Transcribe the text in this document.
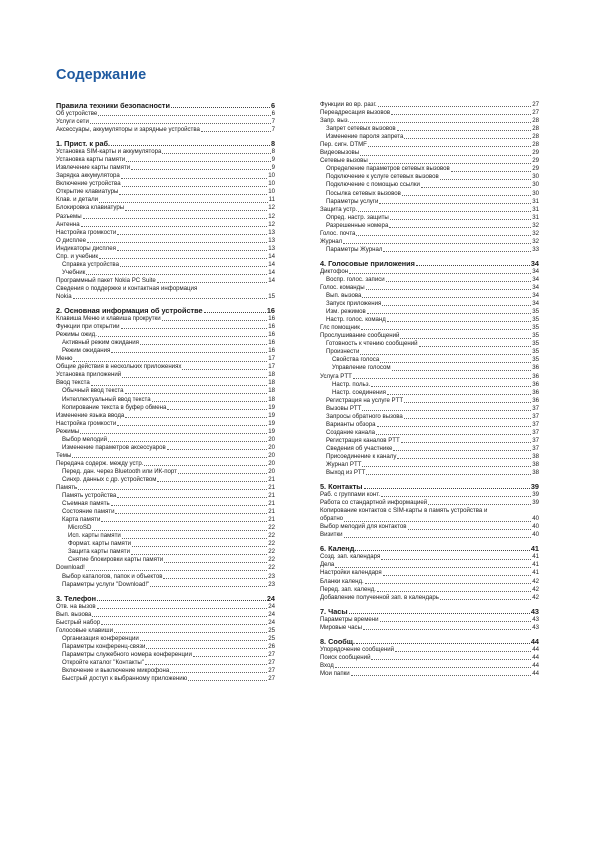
Содержание
Правила техники безопасности	6
Об устройстве	6
Услуги сети	7
Аксессуары, аккумуляторы и зарядные устройства	7
1. Прист. к раб.	8
Установка SIM-карты и аккумулятора	8
Установка карты памяти	9
Извлечение карты памяти	9
Зарядка аккумулятора	10
Включение устройства	10
Открытие клавиатуры	10
Клав. и детали	11
Блокировка клавиатуры	12
Разъемы	12
Антенна	12
Настройка громкости	13
О дисплее	13
Индикаторы дисплея	13
Спр. и учебник	14
Справка устройства	14
Учебник	14
Программный пакет Nokia PC Suite	14
Сведения о поддержке и контактная информация
Nokia	15
2. Основная информация об устройстве	16
Клавиша Меню и клавиша прокрутки	16
Функции при открытии	16
Режимы ожид.	16
Активный режим ожидания	16
Режим ожидания	16
Меню	17
Общие действия в нескольких приложениях	17
Установка приложений	18
Ввод текста	18
Обычный ввод текста	18
Интеллектуальный ввод текста	18
Копирование текста в буфер обмена	19
Изменение языка ввода	19
Настройка громкости	19
Режимы	19
Выбор мелодий	20
Изменение параметров аксессуаров	20
Темы	20
Передача содерж. между устр.	20
Перед. дан. через Bluetooth или ИК-порт	20
Синхр. данных с др. устройством	21
Память	21
Память устройства	21
Съемная память	21
Состояние памяти	21
Карта памяти	21
MicroSD	22
Исп. карты памяти	22
Формат. карты памяти	22
Защита карты памяти	22
Снятие блокировки карты памяти	22
Download!	22
Выбор каталогов, папок и объектов	23
Параметры услуги "Download!"	23
3. Телефон	24
Отв. на вызов	24
Вып. вызова	24
Быстрый набор	24
Голосовые клавиши	25
Организация конференции	25
Параметры конференц-связи	26
Параметры служебного номера конференции	27
Откройте каталог "Контакты"	27
Включение и выключение микрофона	27
Быстрый доступ к выбранному приложению	27
Функции во вр. разг.	27
Переадресация вызовов	27
Запр. выз.	28
Запрет сетевых вызовов	28
Изменение пароля запрета	28
Пер. сигн. DTMF	28
Видеовызовы	29
Сетевые вызовы	29
Определение параметров сетевых вызовов	29
Подключение к услуге сетевых вызовов	30
Подключение с помощью ссылки	30
Посылка сетевых вызовов	30
Параметры услуги	31
Защита устр.	31
Опред. настр. защиты	31
Разрешенные номера	32
Голос. почта	32
Журнал	32
Параметры Журнал	33
4. Голосовые приложения	34
Диктофон	34
Воспр. голос. записи	34
Голос. команды	34
Вып. вызова	34
Запуск приложения	34
Изм. режимов	35
Настр. голос. команд	35
Глс помощник	35
Прослушивание сообщений	35
Готовность к чтению сообщений	35
Произнести	35
Свойства голоса	35
Управление голосом	36
Услуга PTT	36
Настр. польз.	36
Настр. соединения	36
Регистрация на услуге PTT	36
Вызовы PTT	37
Запросы обратного вызова	37
Варианты обзора	37
Создание канала	37
Регистрация каналов PTT	37
Сведения об участнике	37
Присоединение к каналу	38
Журнал PTT	38
Выход из PTT	38
5. Контакты	39
Раб. с группами конт.	39
Работа со стандартной информацией	39
Копирование контактов с SIM-карты в память устройства и
обратно	40
Выбор мелодий для контактов	40
Визитки	40
6. Календ.	41
Созд. зап. календаря	41
Дела	41
Настройки календаря	41
Бланки календ.	42
Перед. зап. календ.	42
Добавление полученной зап. в календарь	42
7. Часы	43
Параметры времени	43
Мировые часы	43
8. Сообщ.	44
Упорядочение сообщений	44
Поиск сообщений	44
Вход	44
Мои папки	44
